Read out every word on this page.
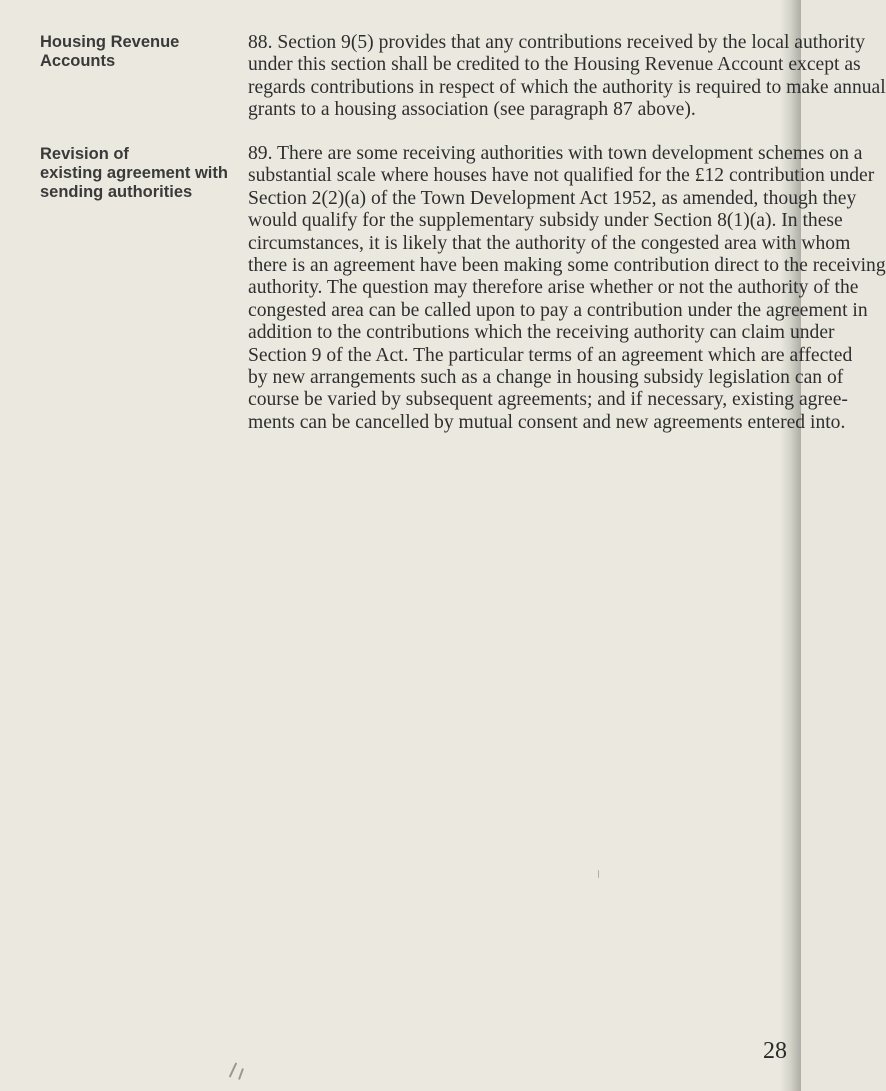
Housing Revenue
Accounts
Revision of
existing agreement with
sending authorities
88. Section 9(5) provides that any contributions received by the local authority
under this section shall be credited to the Housing Revenue Account except as
regards contributions in respect of which the authority is required to make annual
grants to a housing association (see paragraph 87 above).
89. There are some receiving authorities with town development schemes on a
substantial scale where houses have not qualified for the £12 contribution under
Section 2(2)(a) of the Town Development Act 1952, as amended, though they
would qualify for the supplementary subsidy under Section 8(1)(a). In these
circumstances, it is likely that the authority of the congested area with whom
there is an agreement have been making some contribution direct to the receiving
authority. The question may therefore arise whether or not the authority of the
congested area can be called upon to pay a contribution under the agreement in
addition to the contributions which the receiving authority can claim under
Section 9 of the Act. The particular terms of an agreement which are affected
by new arrangements such as a change in housing subsidy legislation can of
course be varied by subsequent agreements; and if necessary, existing agree-
ments can be cancelled by mutual consent and new agreements entered into.
28
